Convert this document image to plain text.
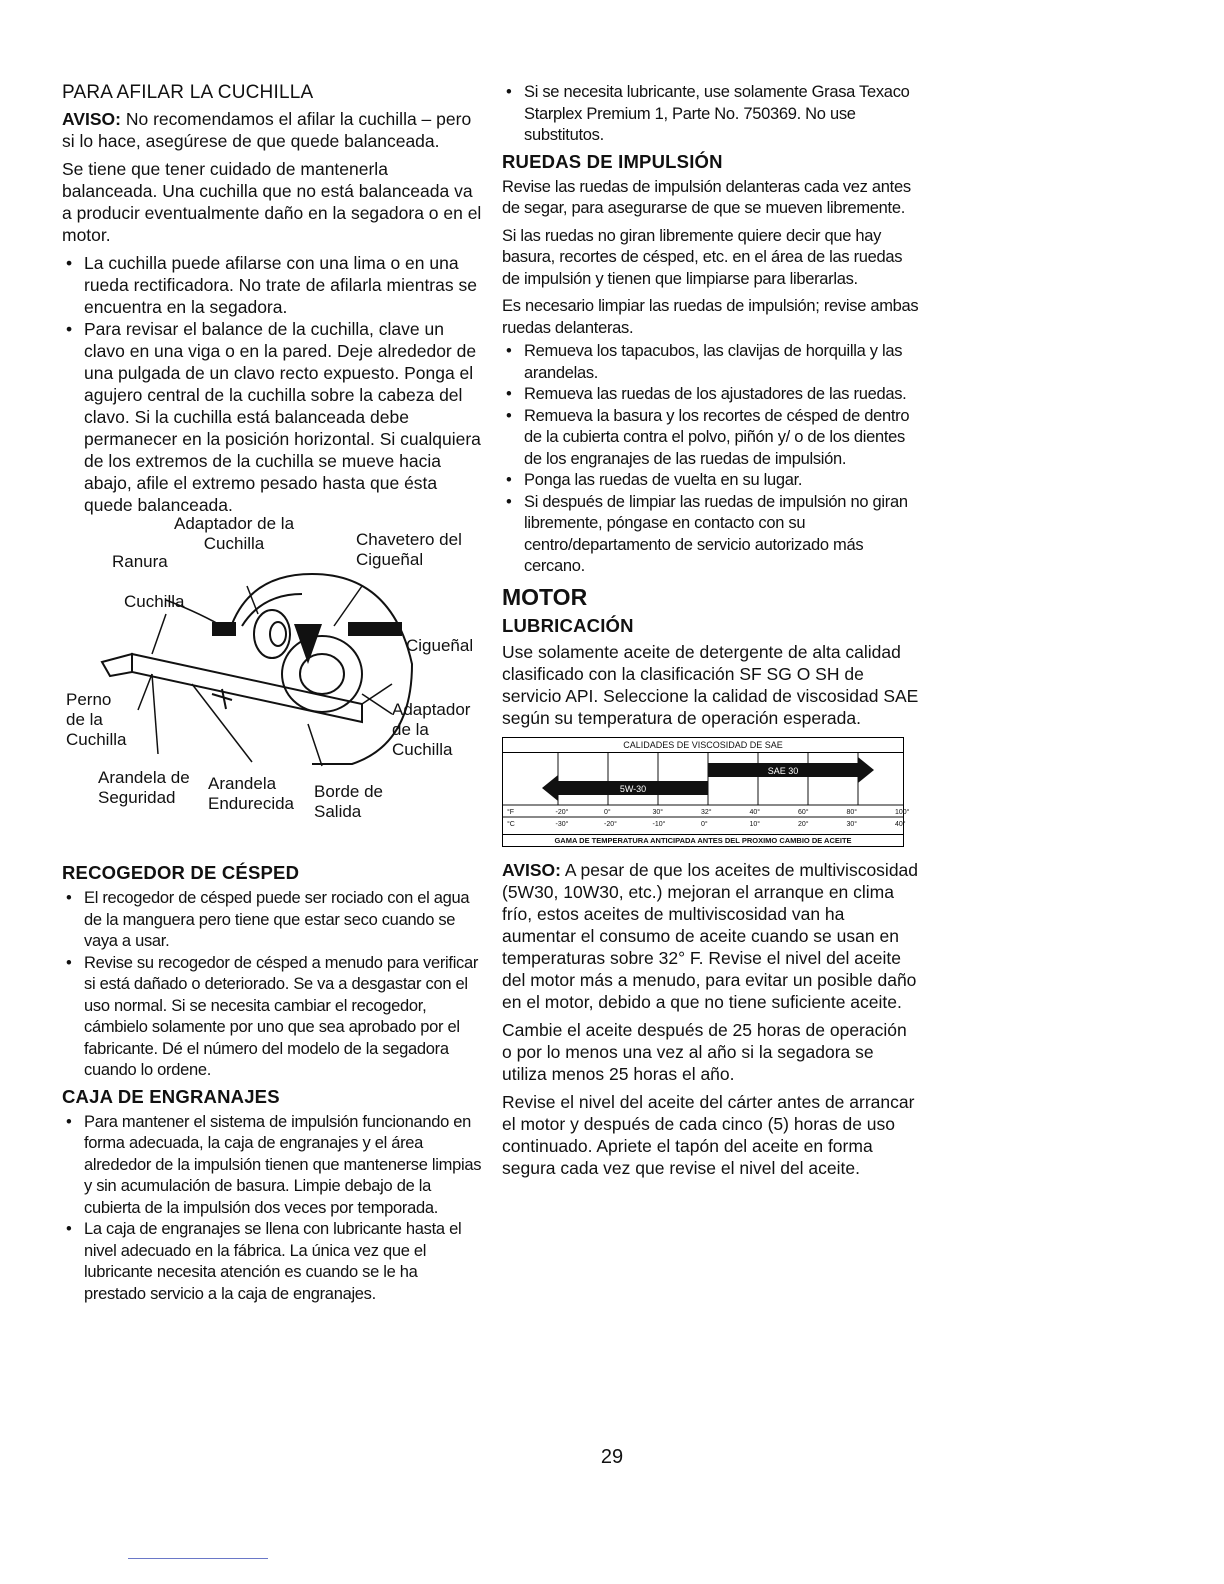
PARA AFILAR LA CUCHILLA

AVISO: No recomendamos el afilar la cuchilla – pero si lo hace, asegúrese de que quede balanceada.

Se tiene que tener cuidado de mantenerla balanceada. Una cuchilla que no está balanceada va a producir eventualmente daño en la segadora o en el motor.

• La cuchilla puede afilarse con una lima o en una rueda rectificadora. No trate de afilarla mientras se encuentra en la segadora.
• Para revisar el balance de la cuchilla, clave un clavo en una viga o en la pared. Deje alrededor de una pulgada de un clavo recto expuesto. Ponga el agujero central de la cuchilla sobre la cabeza del clavo. Si la cuchilla está balanceada debe permanecer en la posición horizontal. Si cualquiera de los extremos de la cuchilla se mueve hacia abajo, afile el extremo pesado hasta que ésta quede balanceada.
Adaptador de la
Cuchilla	Chavetero del
Cigueñal
Ranura
Cuchilla
Cigueñal
Perno
de la
Cuchilla
Adaptador
de la
Cuchilla
Arandela de
Seguridad
Arandela
Endurecida
Borde de
Salida
RECOGEDOR DE CÉSPED
• El recogedor de césped puede ser rociado con el agua de la manguera pero tiene que estar seco cuando se vaya a usar.
• Revise su recogedor de césped a menudo para verificar si está dañado o deteriorado. Se va a desgastar con el uso normal. Si se necesita cambiar el recogedor, cámbielo solamente por uno que sea aprobado por el fabricante. Dé el número del modelo de la segadora cuando lo ordene.
CAJA DE ENGRANAJES
• Para mantener el sistema de impulsión funcionando en forma adecuada, la caja de engranajes y el área alrededor de la impulsión tienen que mantenerse limpias y sin acumulación de basura. Limpie debajo de la cubierta de la impulsión dos veces por temporada.
• La caja de engranajes se llena con lubricante hasta el nivel adecuado en la fábrica. La única vez que el lubricante necesita atención es cuando se le ha prestado servicio a la caja de engranajes.
• Si se necesita lubricante, use solamente Grasa Texaco Starplex Premium 1, Parte No. 750369. No use substitutos.
RUEDAS DE IMPULSIÓN

Revise las ruedas de impulsión delanteras cada vez antes de segar, para asegurarse de que se mueven libremente.

Si las ruedas no giran libremente quiere decir que hay basura, recortes de césped, etc. en el área de las ruedas de impulsión y tienen que limpiarse para liberarlas.

Es necesario limpiar las ruedas de impulsión; revise ambas ruedas delanteras.

• Remueva los tapacubos, las clavijas de horquilla y las arandelas.
• Remueva las ruedas de los ajustadores de las ruedas.
• Remueva la basura y los recortes de césped de dentro de la cubierta contra el polvo, piñón y/ o de los dientes de los engranajes de las ruedas de impulsión.
• Ponga las ruedas de vuelta en su lugar.
• Si después de limpiar las ruedas de impulsión no giran libremente, póngase en contacto con su centro/departamento de servicio autorizado más cercano.
MOTOR
LUBRICACIÓN

Use solamente aceite de detergente de alta calidad clasificado con la clasificación SF SG O SH de servicio API. Seleccione la calidad de viscosidad SAE según su temperatura de operación esperada.

CALIDADES DE VISCOSIDAD DE SAE
SAE 30
5W-30
°F	-20°	0°	30°	32°	40°	60°	80°	100°
°C	-30°	-20°	-10°	0°	10°	20°	30°	40°
GAMA DE TEMPERATURA ANTICIPADA ANTES DEL PROXIMO CAMBIO DE ACEITE

AVISO: A pesar de que los aceites de multiviscosidad (5W30, 10W30, etc.) mejoran el arranque en clima frío, estos aceites de multiviscosidad van ha aumentar el consumo de aceite cuando se usan en temperaturas sobre 32° F. Revise el nivel del aceite del motor más a menudo, para evitar un posible daño en el motor, debido a que no tiene suficiente aceite.

Cambie el aceite después de 25 horas de operación o por lo menos una vez al año si la segadora se utiliza menos 25 horas el año.

Revise el nivel del aceite del cárter antes de arrancar el motor y después de cada cinco (5) horas de uso continuado. Apriete el tapón del aceite en forma segura cada vez que revise el nivel del aceite.

29
